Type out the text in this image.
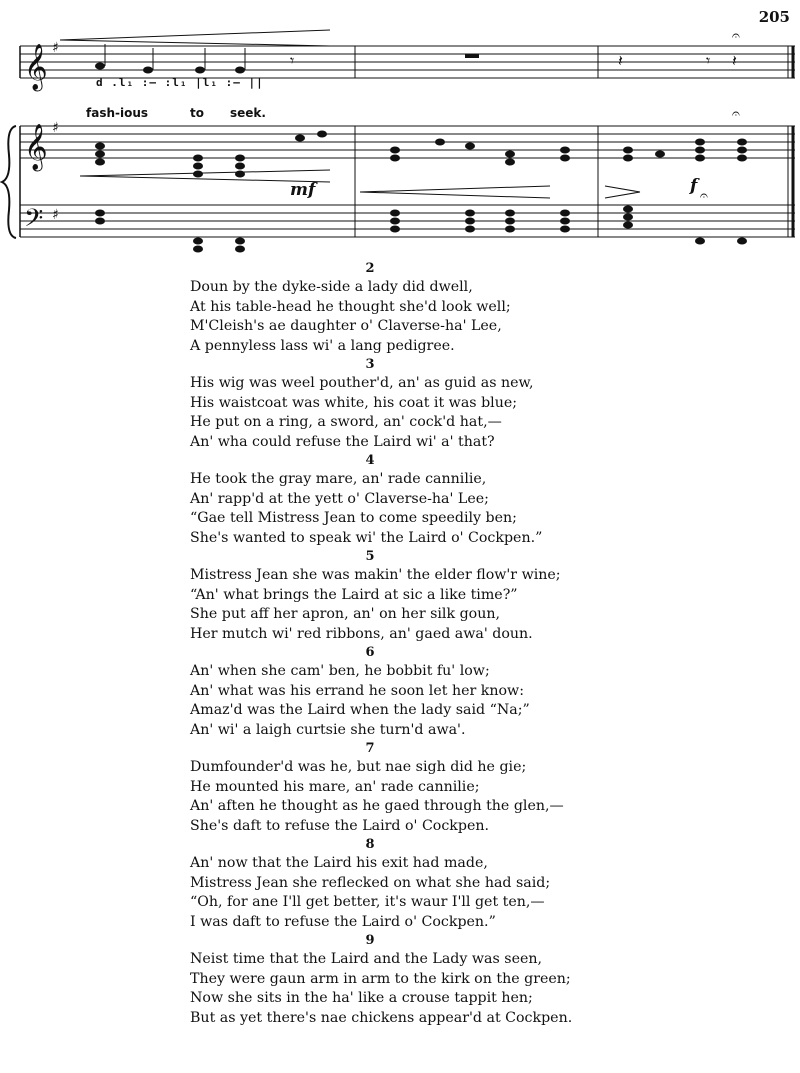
205
𝄞
𝄞
𝄢
♯
♯
♯
𝄾	𝄽	𝄾 𝄽
𝄐
𝄐
𝄐
d .l₁ :— :l₁ |l₁ :— ||
fash-ious	to seek.
mf	f
2
Doun by the dyke-side a lady did dwell,
At his table-head he thought she'd look well;
M'Cleish's ae daughter o' Claverse-ha' Lee,
A pennyless lass wi' a lang pedigree.
3
His wig was weel pouther'd, an' as guid as new,
His waistcoat was white, his coat it was blue;
He put on a ring, a sword, an' cock'd hat,—
An' wha could refuse the Laird wi' a' that?
4
He took the gray mare, an' rade cannilie,
An' rapp'd at the yett o' Claverse-ha' Lee;
“Gae tell Mistress Jean to come speedily ben;
She's wanted to speak wi' the Laird o' Cockpen.”
5
Mistress Jean she was makin' the elder flow'r wine;
“An' what brings the Laird at sic a like time?”
She put aff her apron, an' on her silk goun,
Her mutch wi' red ribbons, an' gaed awa' doun.
6
An' when she cam' ben, he bobbit fu' low;
An' what was his errand he soon let her know:
Amaz'd was the Laird when the lady said “Na;”
An' wi' a laigh curtsie she turn'd awa'.
7
Dumfounder'd was he, but nae sigh did he gie;
He mounted his mare, an' rade cannilie;
An' aften he thought as he gaed through the glen,—
She's daft to refuse the Laird o' Cockpen.
8
An' now that the Laird his exit had made,
Mistress Jean she reflecked on what she had said;
“Oh, for ane I'll get better, it's waur I'll get ten,—
I was daft to refuse the Laird o' Cockpen.”
9
Neist time that the Laird and the Lady was seen,
They were gaun arm in arm to the kirk on the green;
Now she sits in the ha' like a crouse tappit hen;
But as yet there's nae chickens appear'd at Cockpen.
